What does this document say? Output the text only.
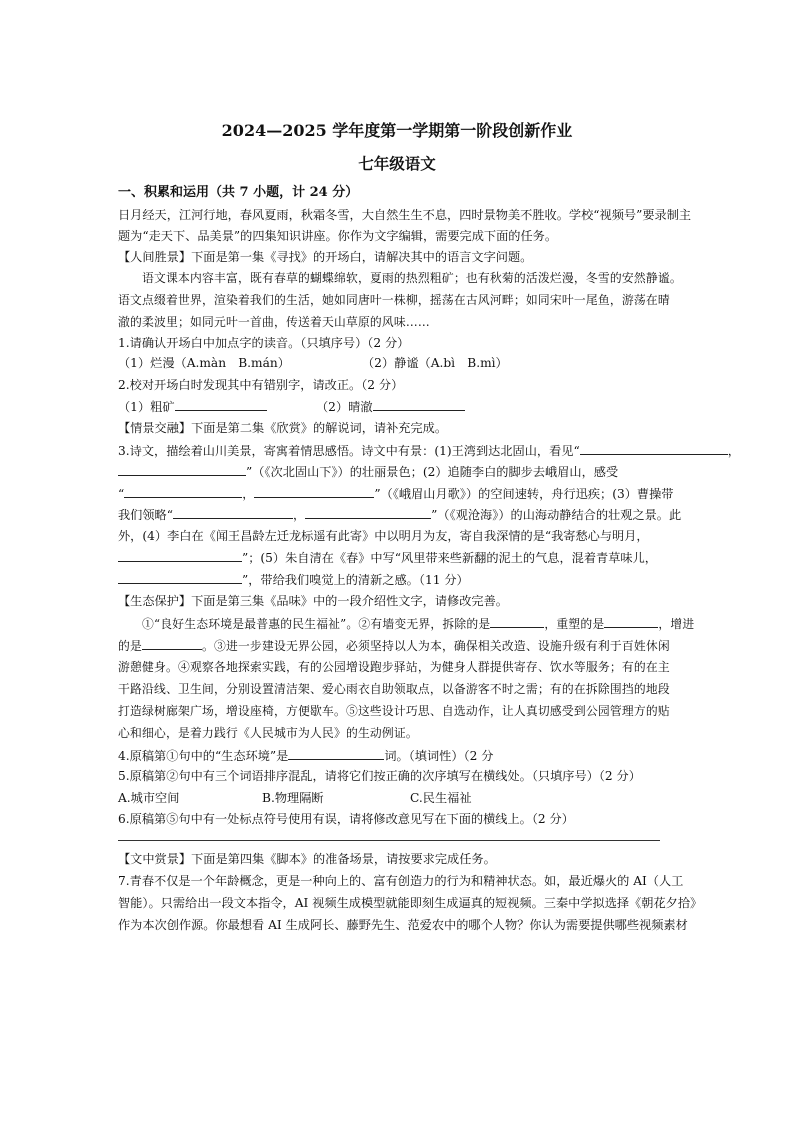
2024—2025 学年度第一学期第一阶段创新作业
七年级语文
一、积累和运用（共 7 小题，计 24 分）
日月经天，江河行地，春风夏雨，秋霜冬雪，大自然生生不息，四时景物美不胜收。学校“视频号”要录制主
题为“走天下、品美景”的四集知识讲座。你作为文字编辑，需要完成下面的任务。
【人间胜景】下面是第一集《寻找》的开场白，请解决其中的语言文字问题。
语文课本内容丰富，既有春草的蝴蝶绵软，夏雨的热烈粗矿；也有秋菊的活泼烂漫，冬雪的安然静谧。
语文点缀着世界，渲染着我们的生活，她如同唐叶一株柳，摇荡在古风河畔；如同宋叶一尾鱼，游荡在晴
澈的柔波里；如同元叶一首曲，传送着天山草原的风味……
1.请确认开场白中加点字的读音。（只填序号）（2 分）
（1）烂漫（A.màn　B.mán）	（2）静谧（A.bì　B.mì）
2.校对开场白时发现其中有错别字，请改正。（2 分）
（1）粗矿	（2）晴澈
【情景交融】下面是第二集《欣赏》的解说词，请补充完成。
3.诗文，描绘着山川美景，寄寓着情思感悟。诗文中有景：(1)王湾到达北固山，看见“	，
”（《次北固山下》）的壮丽景色；(2）追随李白的脚步去峨眉山，感受
“	，	”（《峨眉山月歌》）的空间速转，舟行迅疾；(3）曹操带
我们领略“	，	”（《观沧海》）的山海动静结合的壮观之景。此
外，(4）李白在《闻王昌龄左迁龙标遥有此寄》中以明月为友，寄自我深情的是“我寄愁心与明月，
”；(5）朱自清在《春》中写“风里带来些新翻的泥土的气息，混着青草味儿，
”，带给我们嗅觉上的清新之感。（11 分）
【生态保护】下面是第三集《品味》中的一段介绍性文字，请修改完善。
①“良好生态环境是最普惠的民生福祉”。②有墙变无界，拆除的是	，重塑的是	，增进
的是	。③进一步建设无界公园，必须坚持以人为本，确保相关改造、设施升级有利于百姓休闲
游憩健身。④观察各地探索实践，有的公园增设跑步驿站，为健身人群提供寄存、饮水等服务；有的在主
干路沿线、卫生间，分别设置清洁架、爱心雨衣自助领取点，以备游客不时之需；有的在拆除围挡的地段
打造绿树廊架广场，增设座椅，方便歇车。⑤这些设计巧思、自选动作，让人真切感受到公园管理方的贴
心和细心，是着力践行《人民城市为人民》的生动例证。
4.原稿第①句中的“生态环境”是	词。（填词性）（2 分
5.原稿第②句中有三个词语排序混乱，请将它们按正确的次序填写在横线处。（只填序号）（2 分）
A.城市空间	B.物理隔断	C.民生福祉
6.原稿第⑤句中有一处标点符号使用有误，请将修改意见写在下面的横线上。（2 分）
【文中赏景】下面是第四集《脚本》的准备场景，请按要求完成任务。
7.青春不仅是一个年龄概念，更是一种向上的、富有创造力的行为和精神状态。如，最近爆火的 AI（人工
智能）。只需给出一段文本指令，AI 视频生成模型就能即刻生成逼真的短视频。三秦中学拟选择《朝花夕拾》
作为本次创作源。你最想看 AI 生成阿长、藤野先生、范爱农中的哪个人物？你认为需要提供哪些视频素材
